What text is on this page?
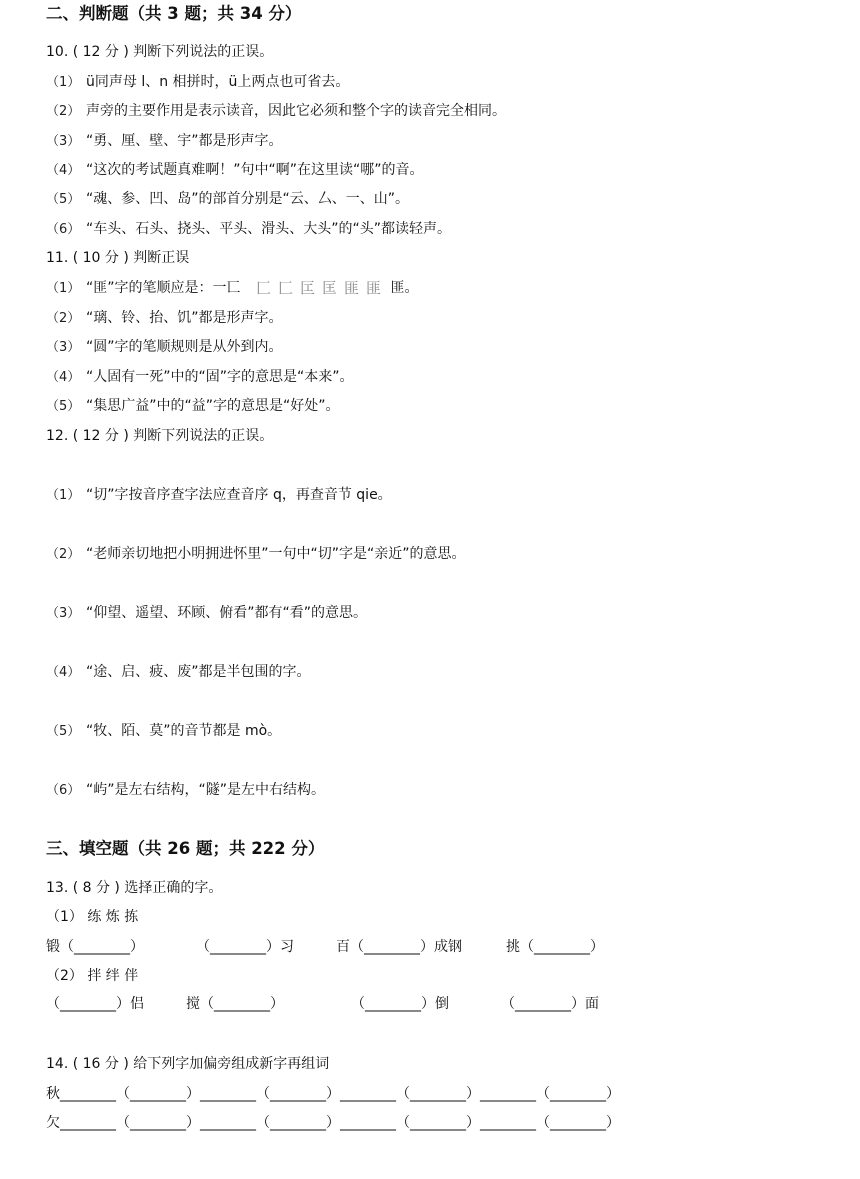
二、判断题（共 3 题；共 34 分）
10. ( 12 分 ) 判断下列说法的正误。
（1） ü同声母 l、n 相拼时，ü上两点也可省去。
（2） 声旁的主要作用是表示读音，因此它必须和整个字的读音完全相同。
（3） “勇、厘、壁、宇”都是形声字。
（4） “这次的考试题真难啊！”句中“啊”在这里读“哪”的音。
（5） “魂、参、凹、岛”的部首分别是“云、厶、一、山”。
（6） “车头、石头、挠头、平头、滑头、大头”的“头”都读轻声。
11. ( 10 分 ) 判断正误
（1） “匪”字的笔顺应是：一匸 匚 匚 匞 匡 匪 匪 匪。
（2） “璃、铃、抬、饥”都是形声字。
（3） “圆”字的笔顺规则是从外到内。
（4） “人固有一死”中的“固”字的意思是“本来”。
（5） “集思广益”中的“益”字的意思是“好处”。
12. ( 12 分 ) 判断下列说法的正误。
（1） “切”字按音序查字法应查音序 q，再查音节 qie。
（2） “老师亲切地把小明拥进怀里”一句中“切”字是“亲近”的意思。
（3） “仰望、遥望、环顾、俯看”都有“看”的意思。
（4） “途、启、疲、废”都是半包围的字。
（5） “牧、陌、莫”的音节都是 mò。
（6） “屿”是左右结构，“隧”是左中右结构。
三、填空题（共 26 题；共 222 分）
13. ( 8 分 ) 选择正确的字。
（1） 练 炼 拣
锻（________）	（________）习	百（________）成钢	挑（________）
（2） 拌 绊 伴
（________）侣	搅（________）	（________）倒	（________）面
14. ( 16 分 ) 给下列字加偏旁组成新字再组词
秋________（________）________（________）________（________）________（________）
欠________（________）________（________）________（________）________（________）
